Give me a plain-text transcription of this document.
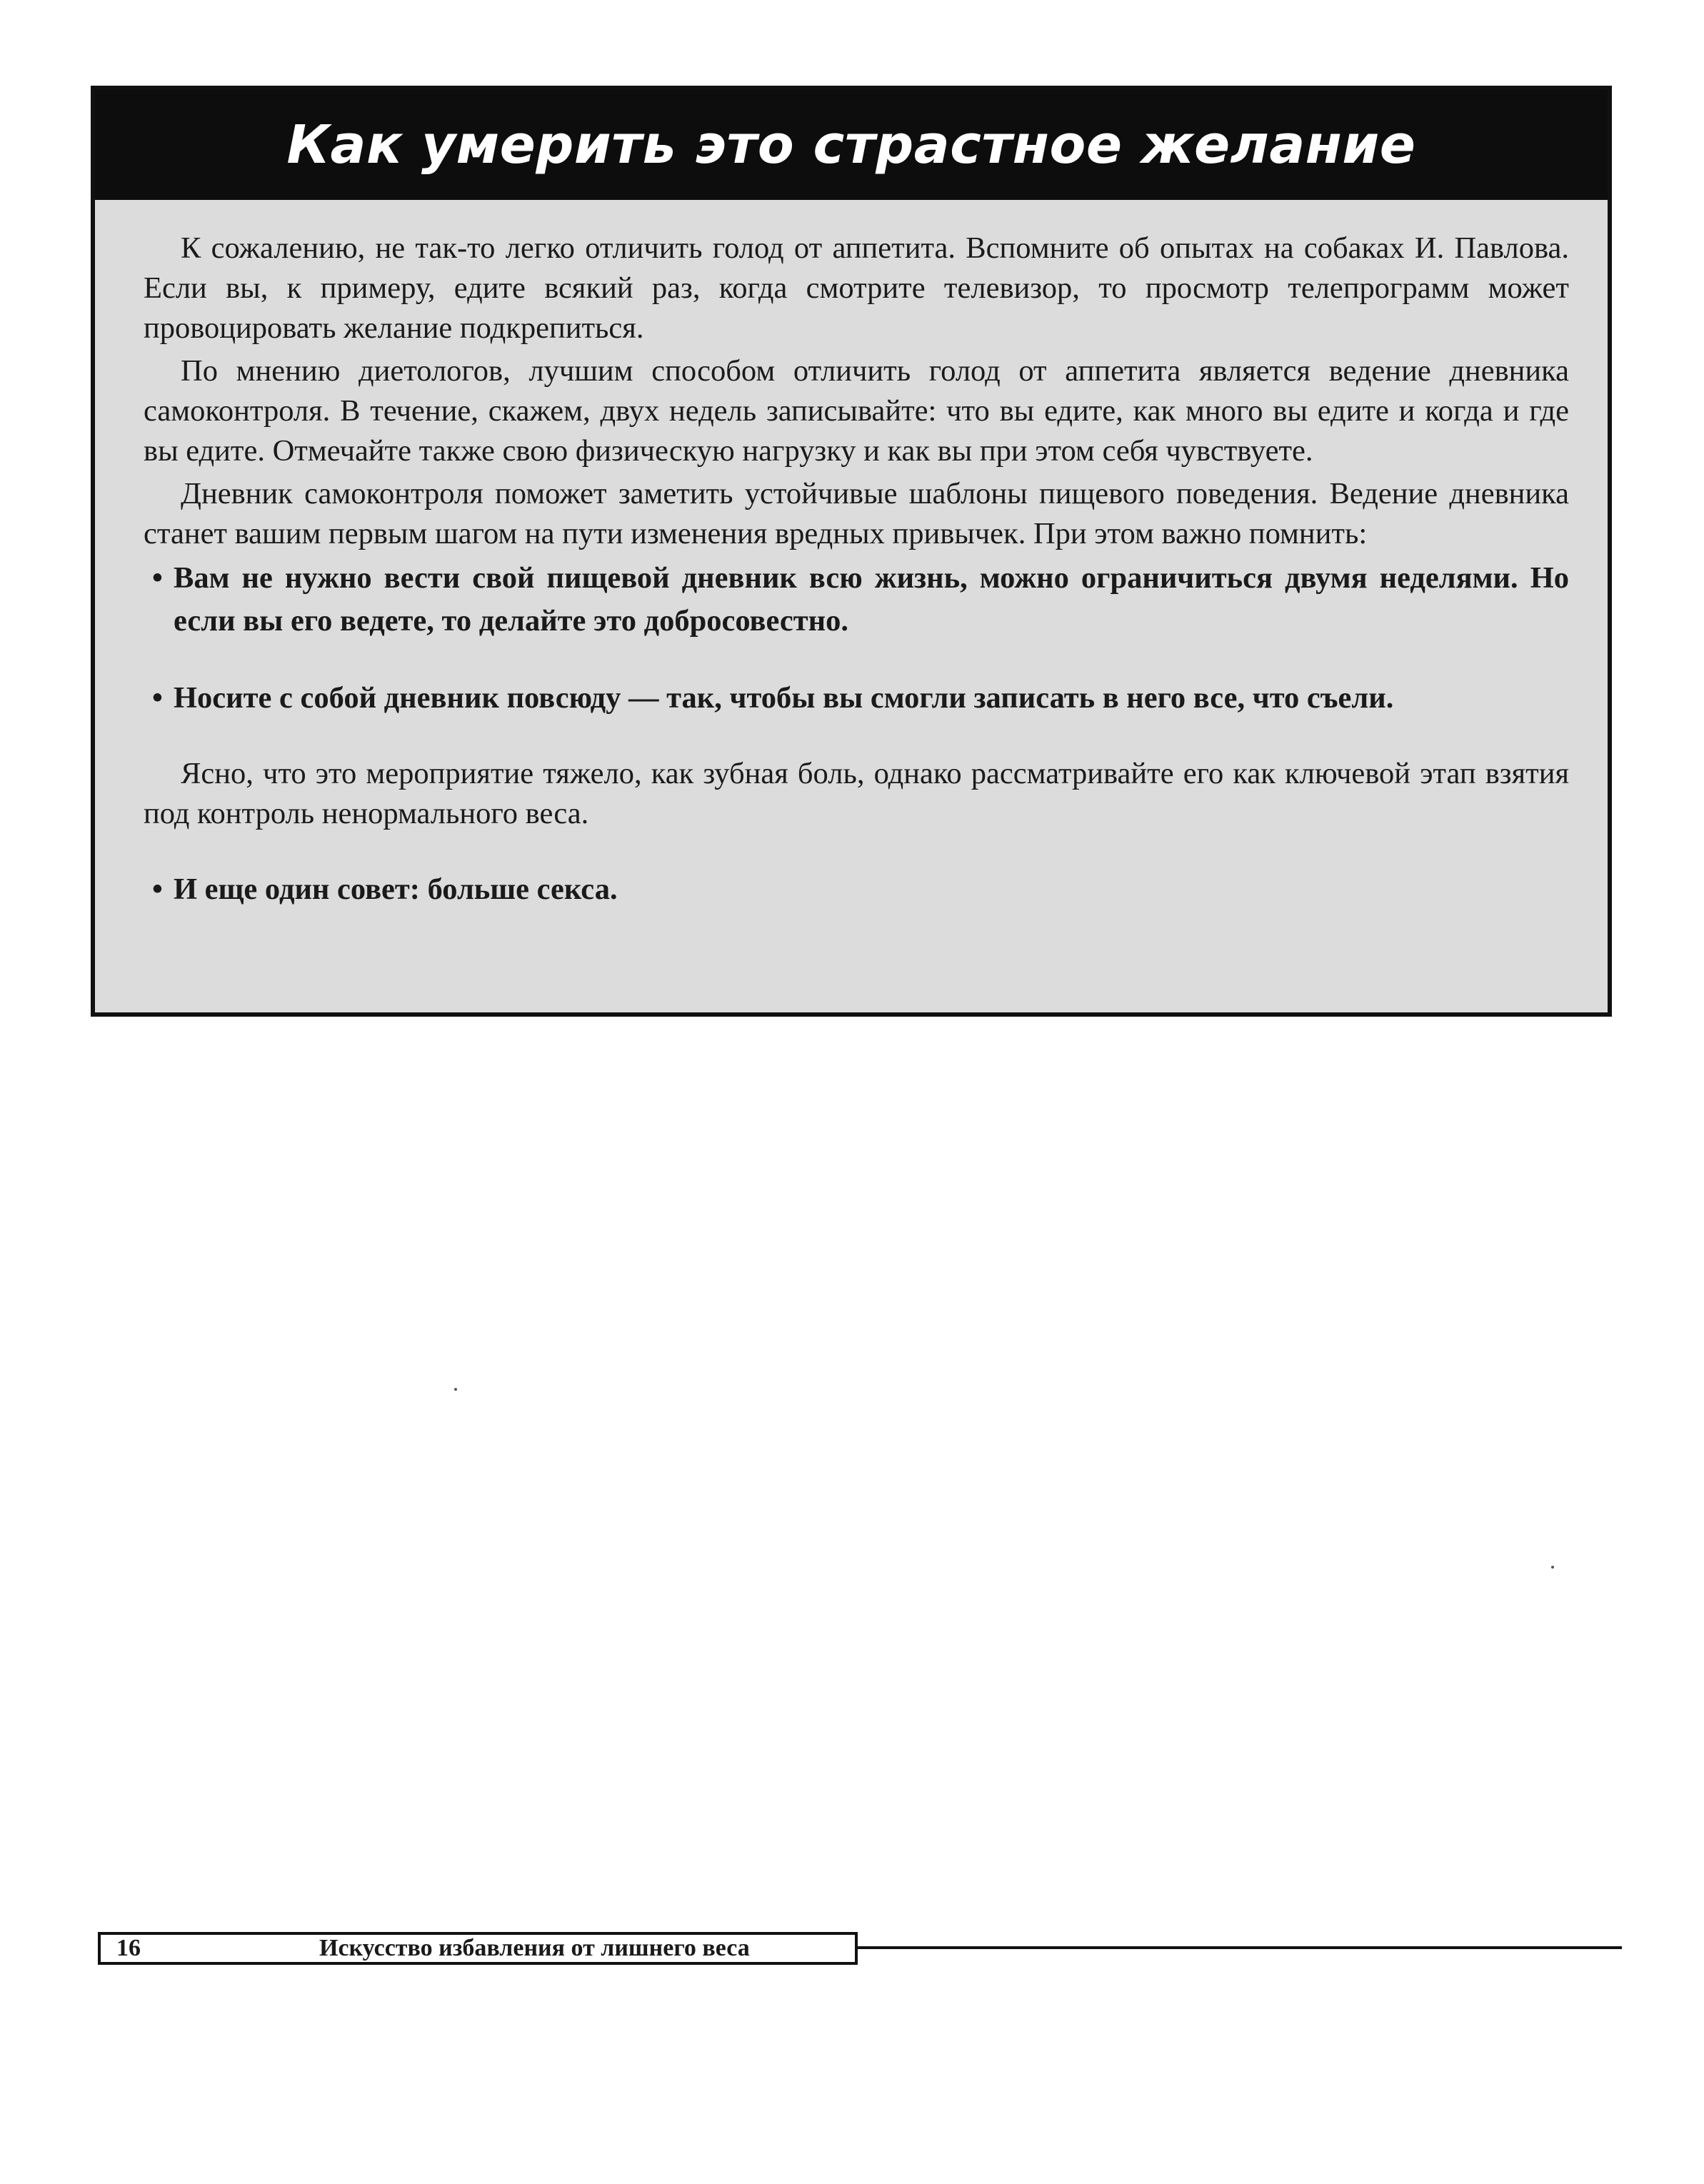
Как умерить это страстное желание

К сожалению, не так-то легко отличить голод от аппетита. Вспомните об опытах на собаках И. Павлова. Если вы, к примеру, едите всякий раз, когда смотрите телевизор, то просмотр телепрограмм может провоцировать желание подкрепиться.

По мнению диетологов, лучшим способом отличить голод от аппетита является ведение дневника самоконтроля. В течение, скажем, двух недель записывайте: что вы едите, как много вы едите и когда и где вы едите. Отмечайте также свою физическую нагрузку и как вы при этом себя чувствуете.

Дневник самоконтроля поможет заметить устойчивые шаблоны пищевого поведения. Ведение дневника станет вашим первым шагом на пути изменения вредных привычек. При этом важно помнить:

• Вам не нужно вести свой пищевой дневник всю жизнь, можно ограничиться двумя неделями. Но если вы его ведете, то делайте это добросовестно.

• Носите с собой дневник повсюду — так, чтобы вы смогли записать в него все, что съели.

Ясно, что это мероприятие тяжело, как зубная боль, однако рассматривайте его как ключевой этап взятия под контроль ненормального веса.

• И еще один совет: больше секса.

16	Искусство избавления от лишнего веса
